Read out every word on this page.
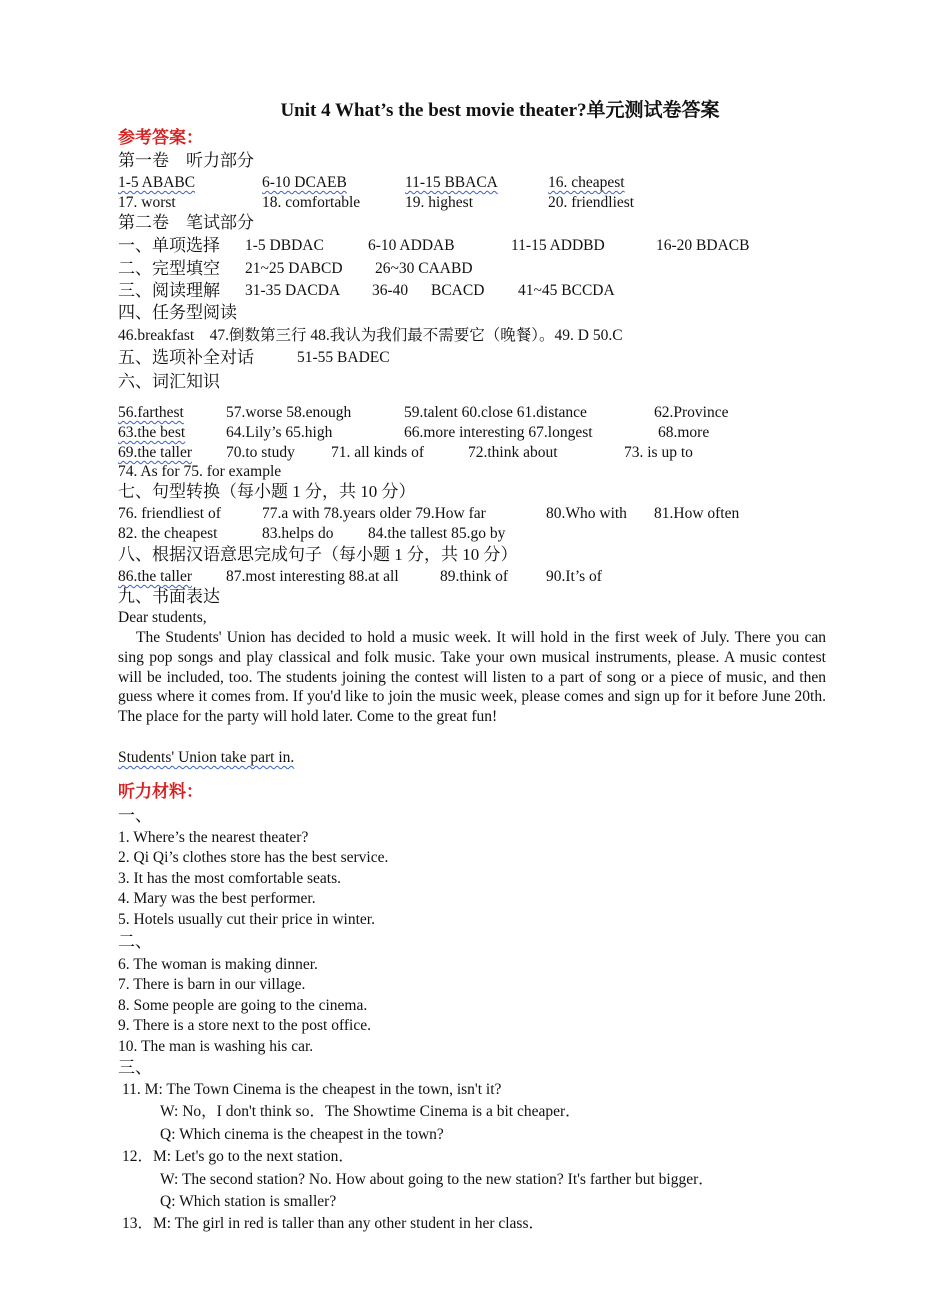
Unit 4 What’s the best movie theater?单元测试卷答案
参考答案：
第一卷　听力部分
1-5 ABABC	6-10 DCAEB	11-15 BBACA	16. cheapest
17. worst	18. comfortable	19. highest	20. friendliest
第二卷　笔试部分
一、单项选择 1-5 DBDAC	6-10 ADDAB	11-15 ADDBD	16-20 BDACB
二、完型填空 21~25 DABCD 26~30 CAABD
三、阅读理解 31-35 DACDA 36-40 BCACD 41~45 BCCDA
四、任务型阅读
46.breakfast　47.倒数第三行 48.我认为我们最不需要它（晚餐）。49. D 50.C
五、选项补全对话	51-55 BADEC
六、词汇知识
56.farthest	57.worse 58.enough	59.talent 60.close 61.distance	62.Province
63.the best	64.Lily’s 65.high	66.more interesting 67.longest	68.more
69.the taller 70.to study 71. all kinds of	72.think about	73. is up to
74. As for 75. for example
七、句型转换（每小题 1 分，共 10 分）
76. friendliest of	77.a with 78.years older 79.How far	80.Who with 81.How often
82. the cheapest	83.helps do 84.the tallest 85.go by
八、根据汉语意思完成句子（每小题 1 分，共 10 分）
86.the taller 87.most interesting 88.at all	89.think of 90.It’s of
九、书面表达
Dear students,
The Students' Union has decided to hold a music week. It will hold in the first week of July. There you can sing pop songs and play classical and folk music. Take your own musical instruments, please. A music contest will be included, too. The students joining the contest will listen to a part of song or a piece of music, and then guess where it comes from. If you'd like to join the music week, please comes and sign up for it before June 20th. The place for the party will hold later. Come to the great fun!
Students' Union take part in.
听力材料：
一、
1. Where’s the nearest theater?
2. Qi Qi’s clothes store has the best service.
3. It has the most comfortable seats.
4. Mary was the best performer.
5. Hotels usually cut their price in winter.
二、
6. The woman is making dinner.
7. There is barn in our village.
8. Some people are going to the cinema.
9. There is a store next to the post office.
10. The man is washing his car.
三、
11. M: The Town Cinema is the cheapest in the town, isn't it?
W: No，I don't think so．The Showtime Cinema is a bit cheaper．
Q: Which cinema is the cheapest in the town?
12．M: Let's go to the next station．
W: The second station? No. How about going to the new station? It's farther but bigger．
Q: Which station is smaller?
13．M: The girl in red is taller than any other student in her class．
